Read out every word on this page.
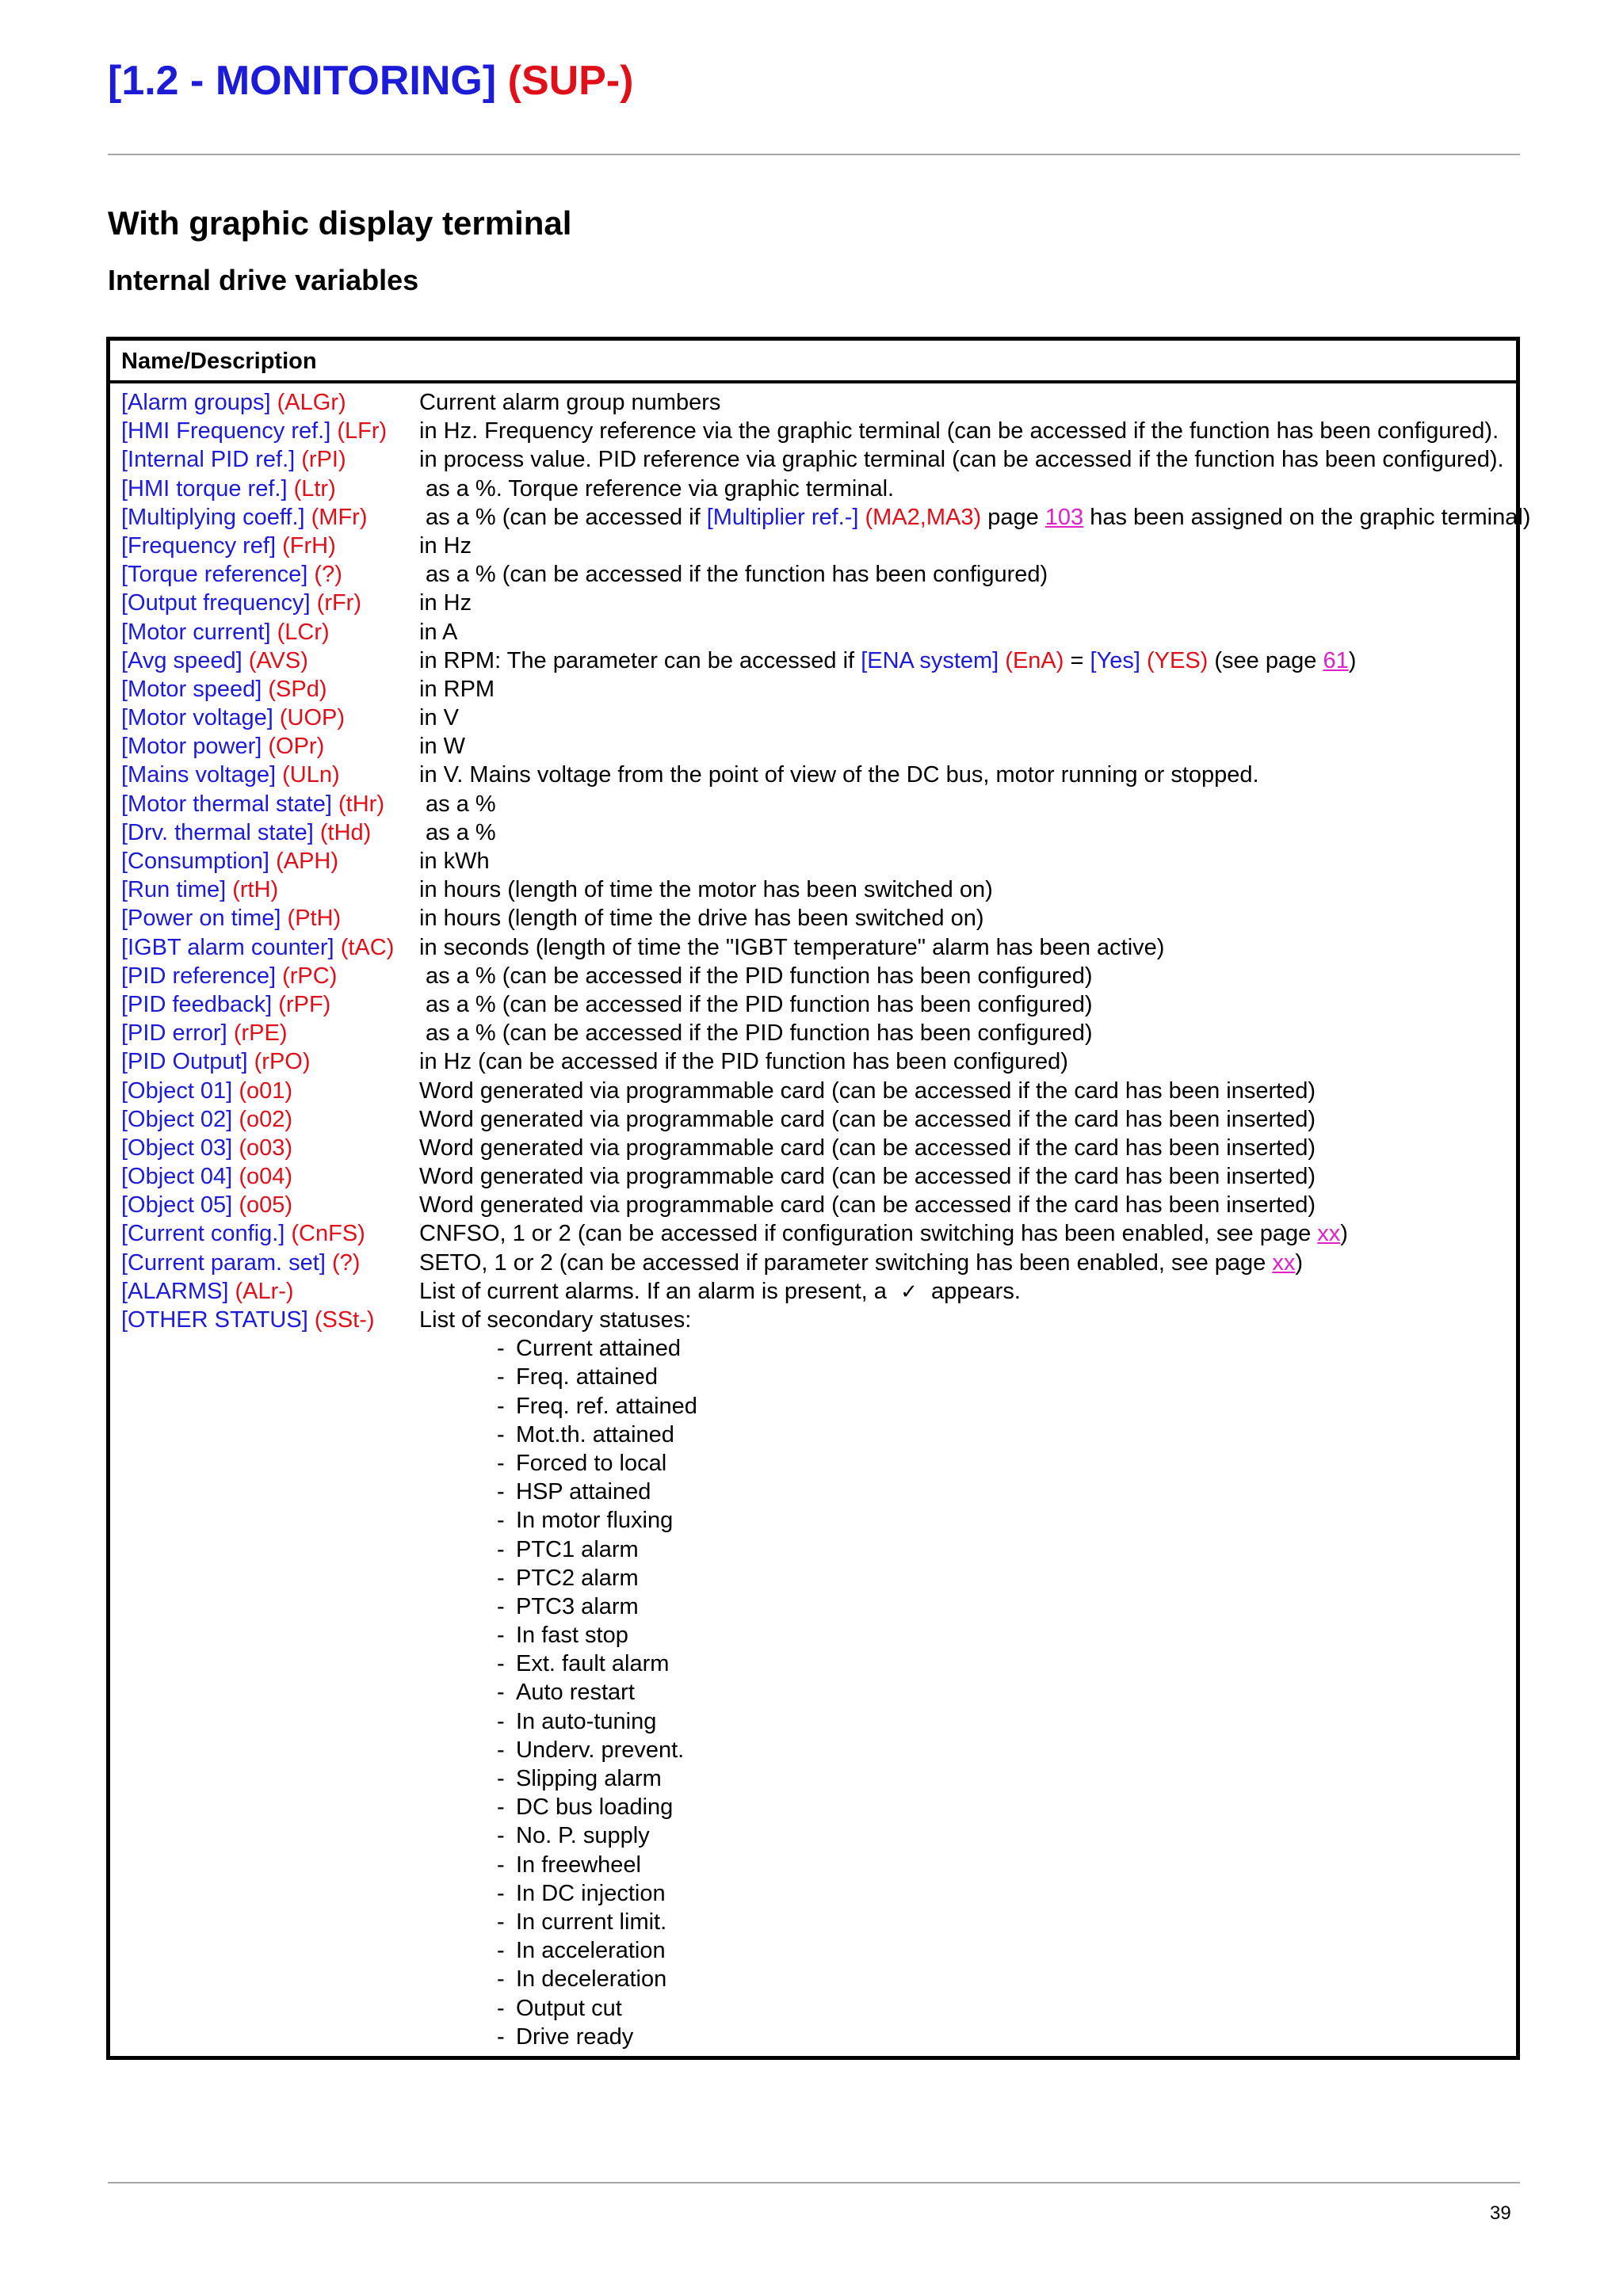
[1.2 - MONITORING] (SUP-)
With graphic display terminal
Internal drive variables
Name/Description
[Alarm groups] (ALGr)	Current alarm group numbers
[HMI Frequency ref.] (LFr) in Hz. Frequency reference via the graphic terminal (can be accessed if the function has been configured).
[Internal PID ref.] (rPI)	in process value. PID reference via graphic terminal (can be accessed if the function has been configured).
[HMI torque ref.] (Ltr)	as a %. Torque reference via graphic terminal.
[Multiplying coeff.] (MFr) as a % (can be accessed if [Multiplier ref.-] (MA2,MA3) page 103 has been assigned on the graphic terminal)
[Frequency ref] (FrH)	in Hz
[Torque reference] (?)	as a % (can be accessed if the function has been configured)
[Output frequency] (rFr)	in Hz
[Motor current] (LCr)	in A
[Avg speed] (AVS)	in RPM: The parameter can be accessed if [ENA system] (EnA) = [Yes] (YES) (see page 61)
[Motor speed] (SPd)	in RPM
[Motor voltage] (UOP)	in V
[Motor power] (OPr)	in W
[Mains voltage] (ULn)	in V. Mains voltage from the point of view of the DC bus, motor running or stopped.
[Motor thermal state] (tHr) as a %
[Drv. thermal state] (tHd) as a %
[Consumption] (APH)	in kWh
[Run time] (rtH)	in hours (length of time the motor has been switched on)
[Power on time] (PtH)	in hours (length of time the drive has been switched on)
[IGBT alarm counter] (tAC) in seconds (length of time the "IGBT temperature" alarm has been active)
[PID reference] (rPC)	as a % (can be accessed if the PID function has been configured)
[PID feedback] (rPF)	as a % (can be accessed if the PID function has been configured)
[PID error] (rPE)	as a % (can be accessed if the PID function has been configured)
[PID Output] (rPO)	in Hz (can be accessed if the PID function has been configured)
[Object 01] (o01)	Word generated via programmable card (can be accessed if the card has been inserted)
[Object 02] (o02)	Word generated via programmable card (can be accessed if the card has been inserted)
[Object 03] (o03)	Word generated via programmable card (can be accessed if the card has been inserted)
[Object 04] (o04)	Word generated via programmable card (can be accessed if the card has been inserted)
[Object 05] (o05)	Word generated via programmable card (can be accessed if the card has been inserted)
[Current config.] (CnFS) CNFSO, 1 or 2 (can be accessed if configuration switching has been enabled, see page xx)
[Current param. set] (?)	SETO, 1 or 2 (can be accessed if parameter switching has been enabled, see page xx)
[ALARMS] (ALr-)	List of current alarms. If an alarm is present, a ✓ appears.
[OTHER STATUS] (SSt-) List of secondary statuses:
- Current attained
- Freq. attained
- Freq. ref. attained
- Mot.th. attained
- Forced to local
- HSP attained
- In motor fluxing
- PTC1 alarm
- PTC2 alarm
- PTC3 alarm
- In fast stop
- Ext. fault alarm
- Auto restart
- In auto-tuning
- Underv. prevent.
- Slipping alarm
- DC bus loading
- No. P. supply
- In freewheel
- In DC injection
- In current limit.
- In acceleration
- In deceleration
- Output cut
- Drive ready
39
